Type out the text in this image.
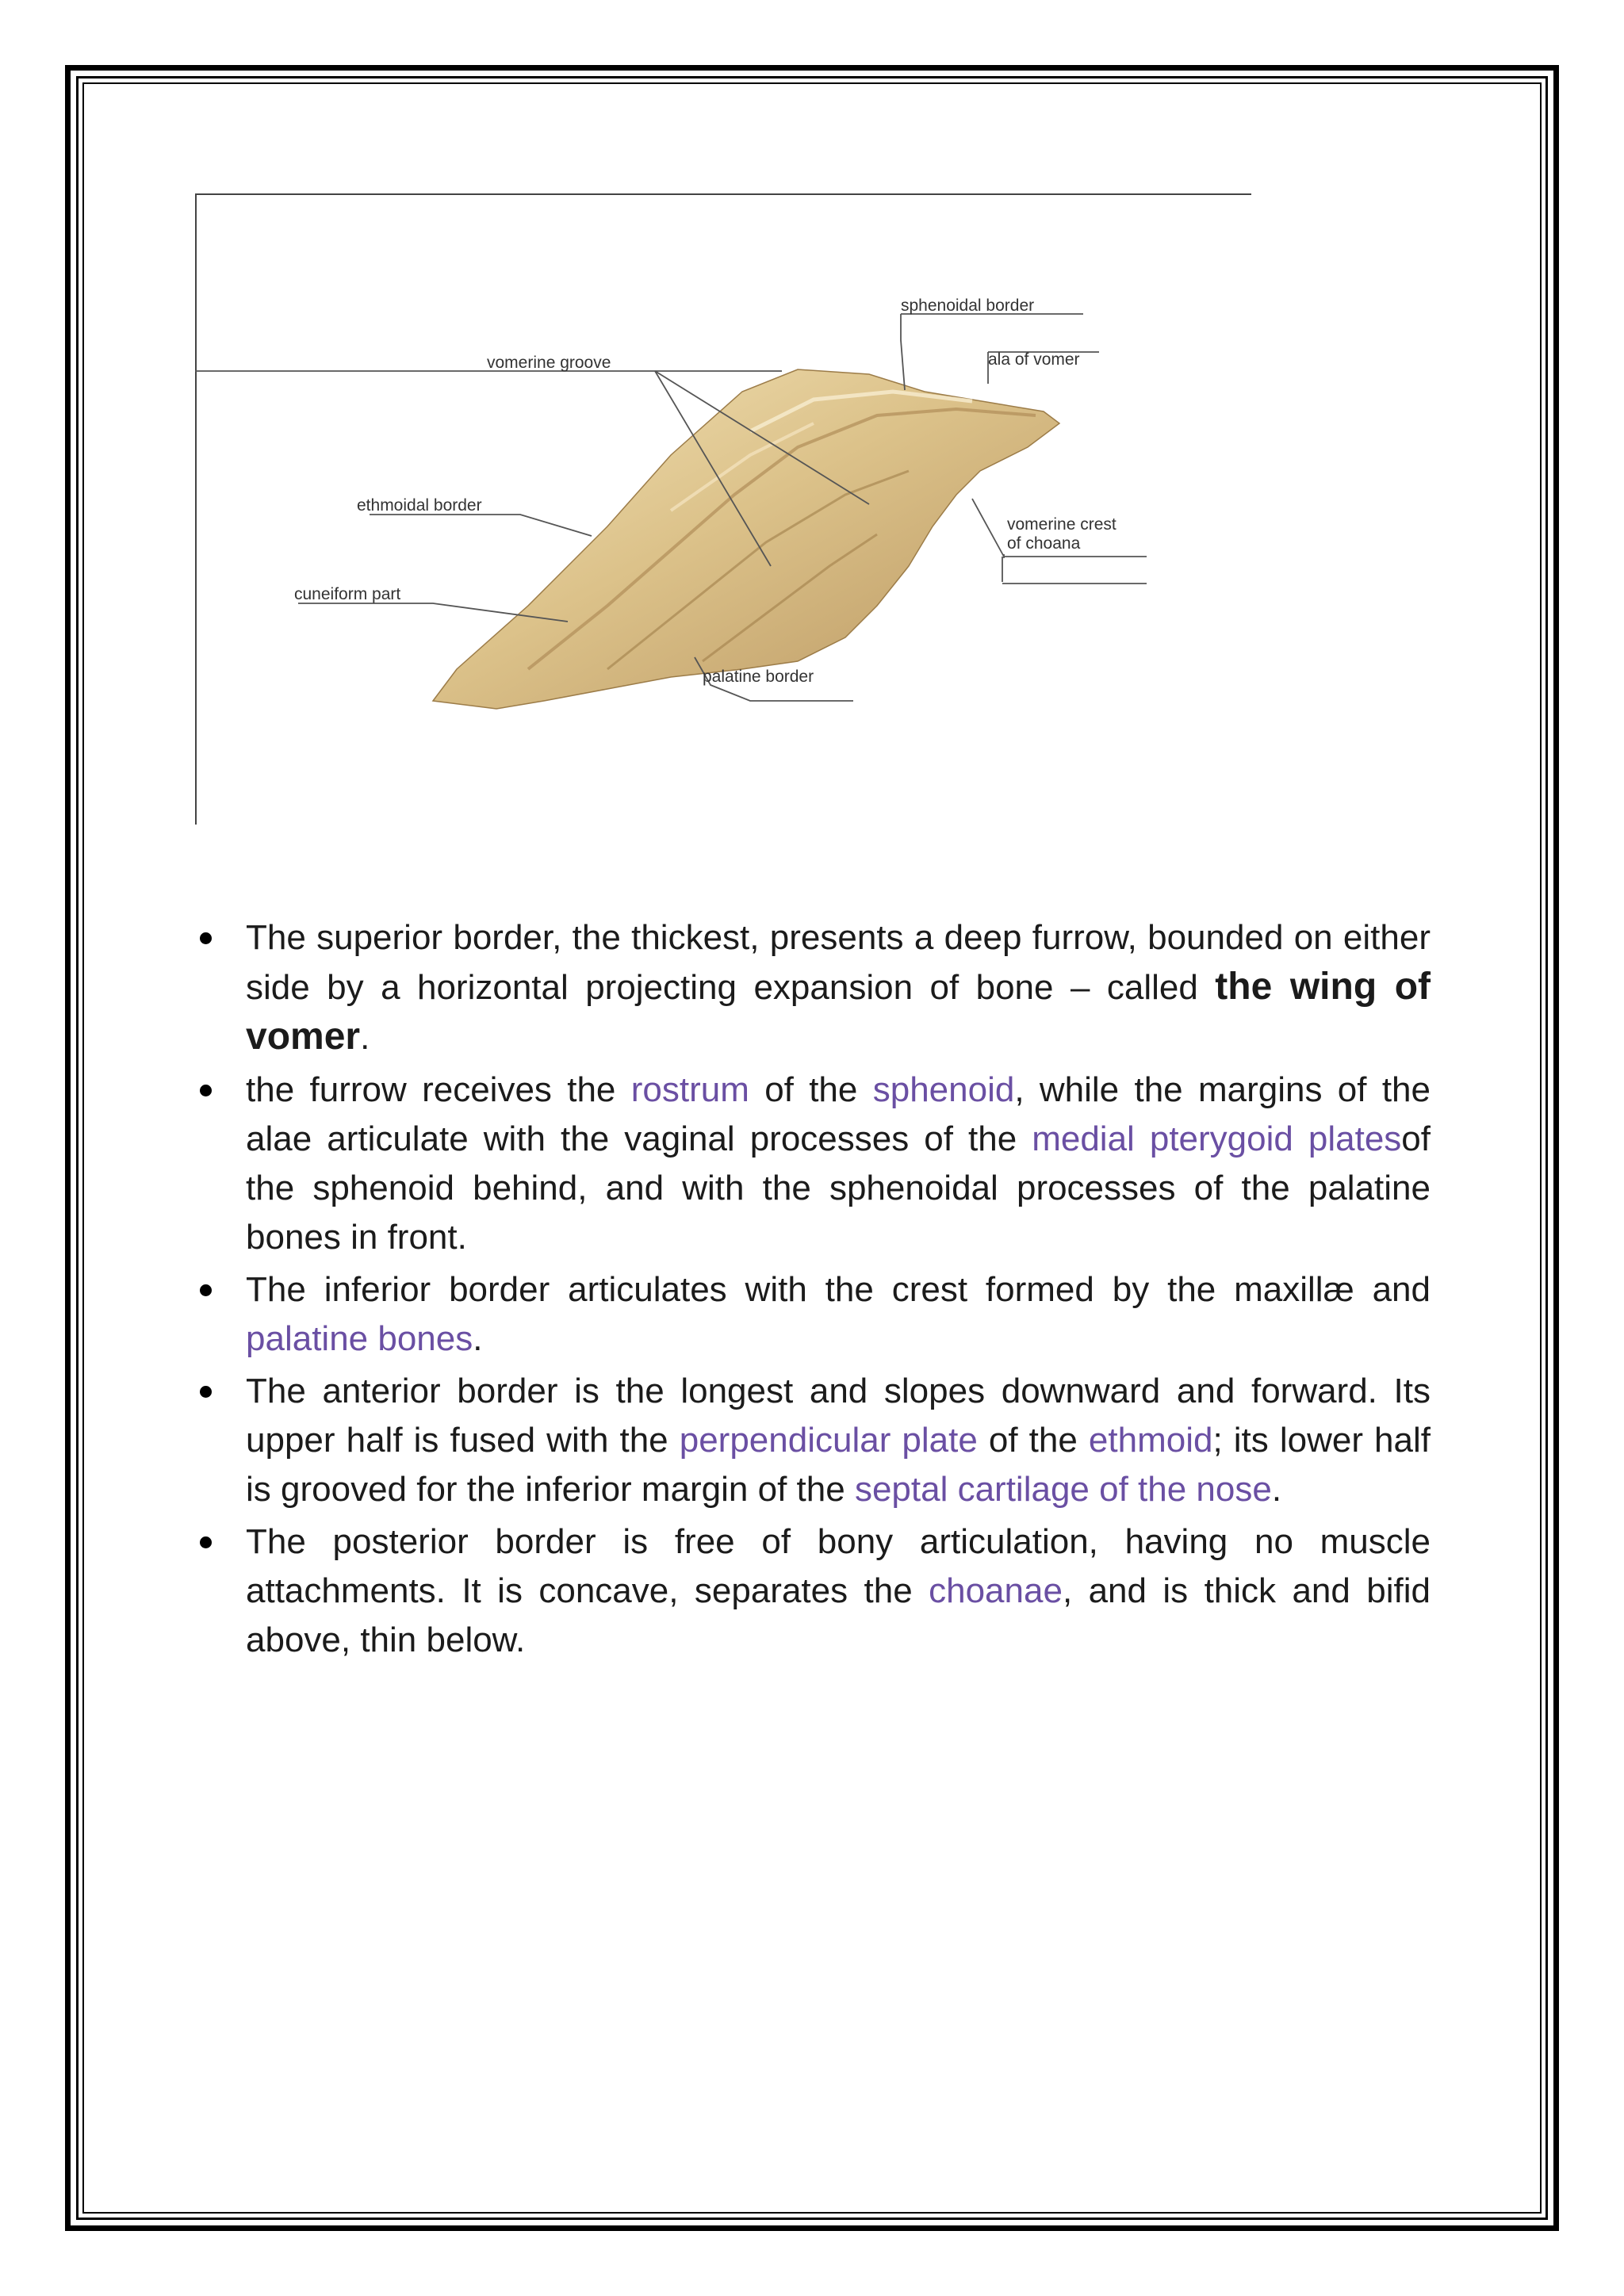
sphenoidal border
vomerine groove	ala of vomer
ethmoidal border
vomerine crest
of choana
cuneiform part
palatine border
The superior border, the thickest, presents a deep furrow, bounded on either side by a horizontal projecting expansion of bone – called the wing of vomer.
the furrow receives the rostrum of the sphenoid, while the margins of the alae articulate with the vaginal processes of the medial pterygoid platesof the sphenoid behind, and with the sphenoidal processes of the palatine bones in front.
The inferior border articulates with the crest formed by the maxillæ and palatine bones.
The anterior border is the longest and slopes downward and forward. Its upper half is fused with the perpendicular plate of the ethmoid; its lower half is grooved for the inferior margin of the septal cartilage of the nose.
The posterior border is free of bony articulation, having no muscle attachments. It is concave, separates the choanae, and is thick and bifid above, thin below.
